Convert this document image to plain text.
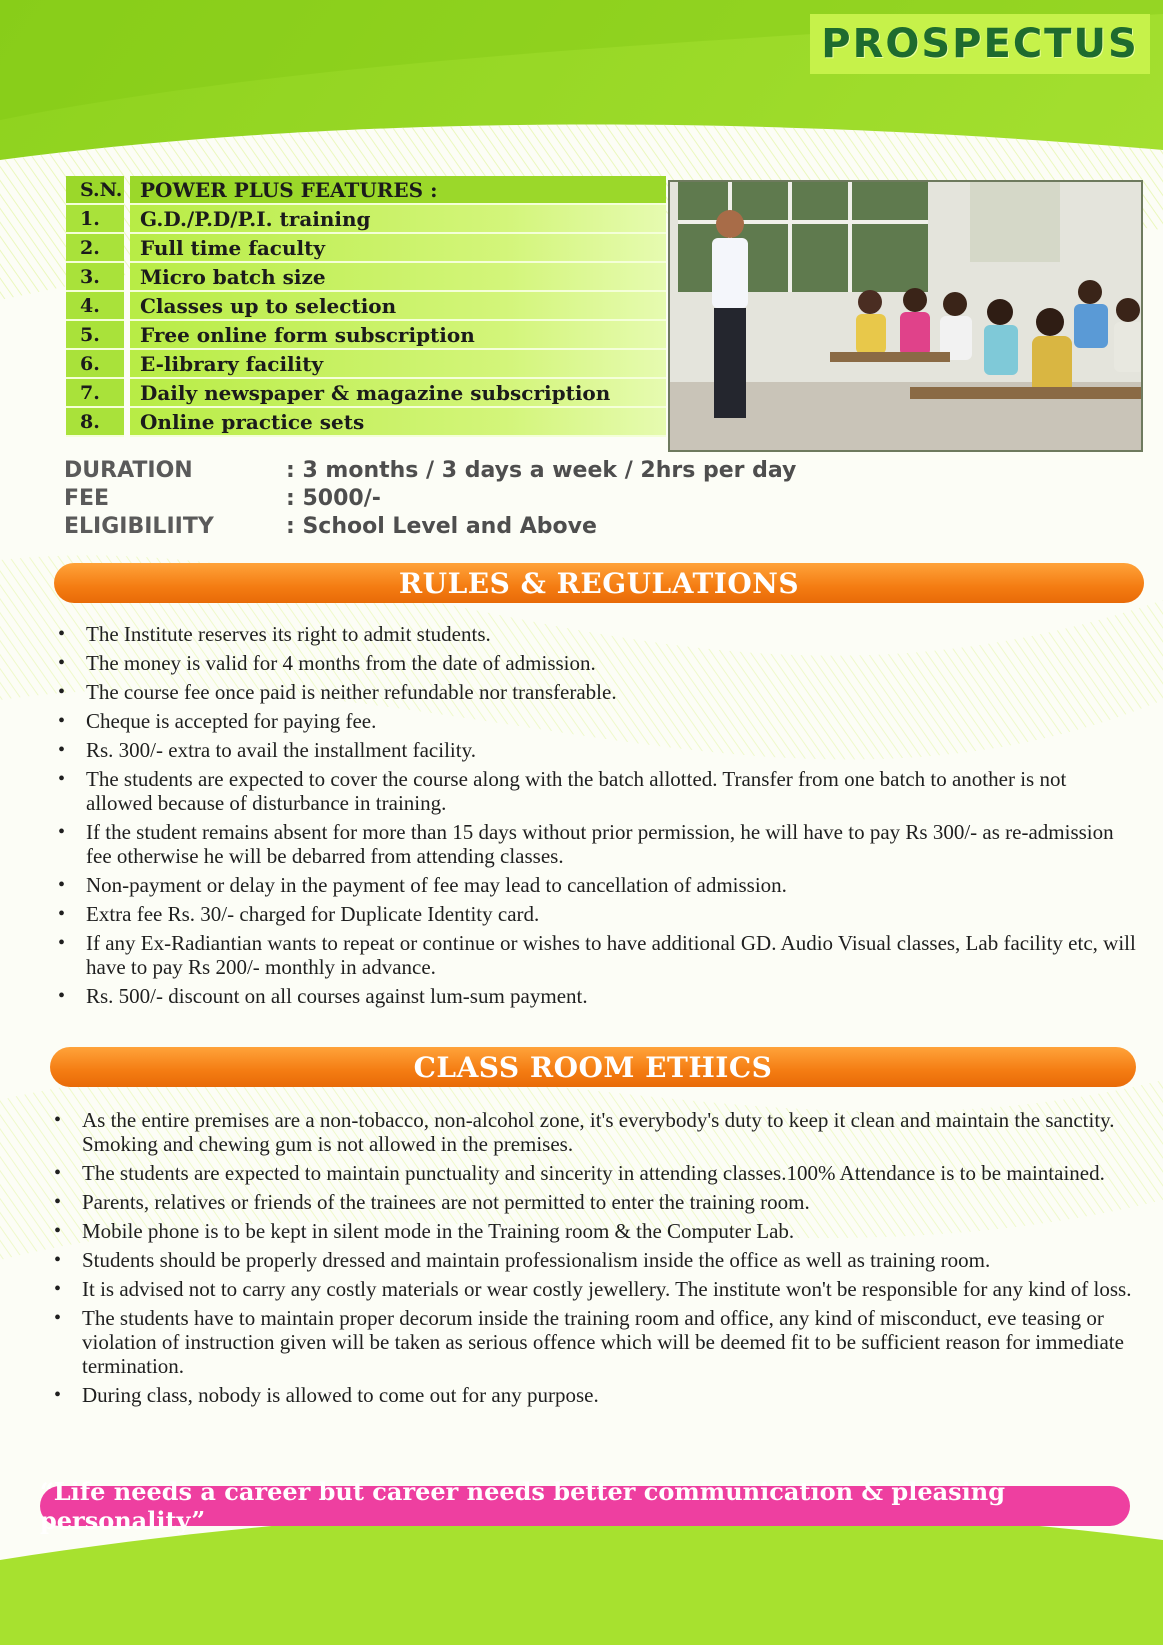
PROSPECTUS
S.N. POWER PLUS FEATURES :
1.	G.D./P.D/P.I. training
2.	Full time faculty
3.	Micro batch size
4.	Classes up to selection
5.	Free online form subscription
6.	E-library facility
7.	Daily newspaper & magazine subscription
8.	Online practice sets
DURATION	: 3 months / 3 days a week / 2hrs per day
FEE	: 5000/-
ELIGIBILIITY	: School Level and Above
RULES & REGULATIONS
• The Institute reserves its right to admit students.
• The money is valid for 4 months from the date of admission.
• The course fee once paid is neither refundable nor transferable.
• Cheque is accepted for paying fee.
• Rs. 300/- extra to avail the installment facility.
• The students are expected to cover the course along with the batch allotted. Transfer from one batch to another is not allowed because of disturbance in training.
• If the student remains absent for more than 15 days without prior permission, he will have to pay Rs 300/- as re-admission fee otherwise he will be debarred from attending classes.
• Non-payment or delay in the payment of fee may lead to cancellation of admission.
• Extra fee Rs. 30/- charged for Duplicate Identity card.
• If any Ex-Radiantian wants to repeat or continue or wishes to have additional GD. Audio Visual classes, Lab facility etc, will have to pay Rs 200/- monthly in advance.
• Rs. 500/- discount on all courses against lum-sum payment.
CLASS ROOM ETHICS
• As the entire premises are a non-tobacco, non-alcohol zone, it's everybody's duty to keep it clean and maintain the sanctity. Smoking and chewing gum is not allowed in the premises.
• The students are expected to maintain punctuality and sincerity in attending classes.100% Attendance is to be maintained.
• Parents, relatives or friends of the trainees are not permitted to enter the training room.
• Mobile phone is to be kept in silent mode in the Training room & the Computer Lab.
• Students should be properly dressed and maintain professionalism inside the office as well as training room.
• It is advised not to carry any costly materials or wear costly jewellery. The institute won't be responsible for any kind of loss.
• The students have to maintain proper decorum inside the training room and office, any kind of misconduct, eve teasing or violation of instruction given will be taken as serious offence which will be deemed fit to be sufficient reason for immediate termination.
• During class, nobody is allowed to come out for any purpose.
“Life needs a career but career needs better communication & pleasing personality”
